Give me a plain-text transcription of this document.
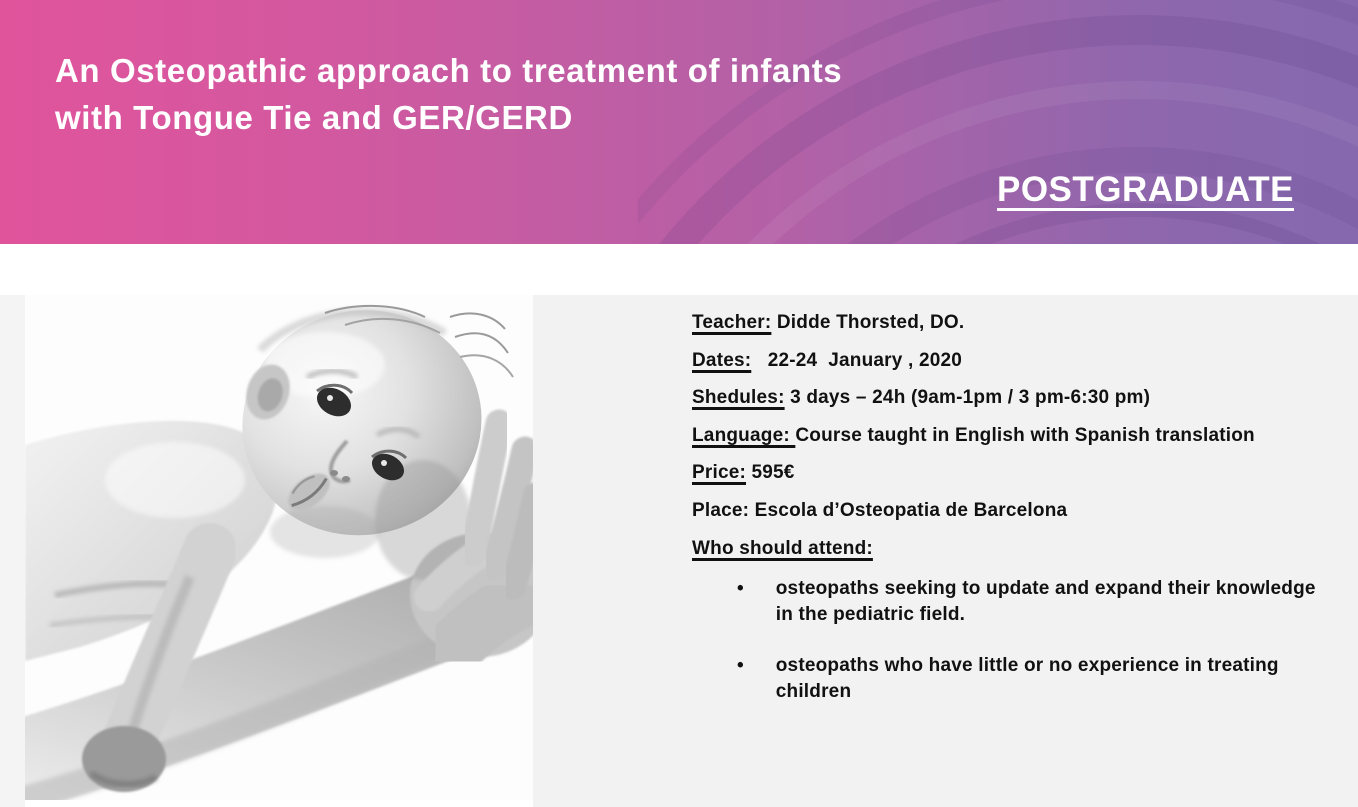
An Osteopathic approach to treatment of infants
with Tongue Tie and GER/GERD
POSTGRADUATE

Teacher: Didde Thorsted, DO.

Dates:   22-24  January , 2020

Shedules: 3 days – 24h (9am-1pm / 3 pm-6:30 pm)

Language: Course taught in English with Spanish translation

Price: 595€

Place: Escola d’Osteopatia de Barcelona

Who should attend:

•	osteopaths seeking to update and expand their knowledge in the pediatric field.
•	osteopaths who have little or no experience in treating children
